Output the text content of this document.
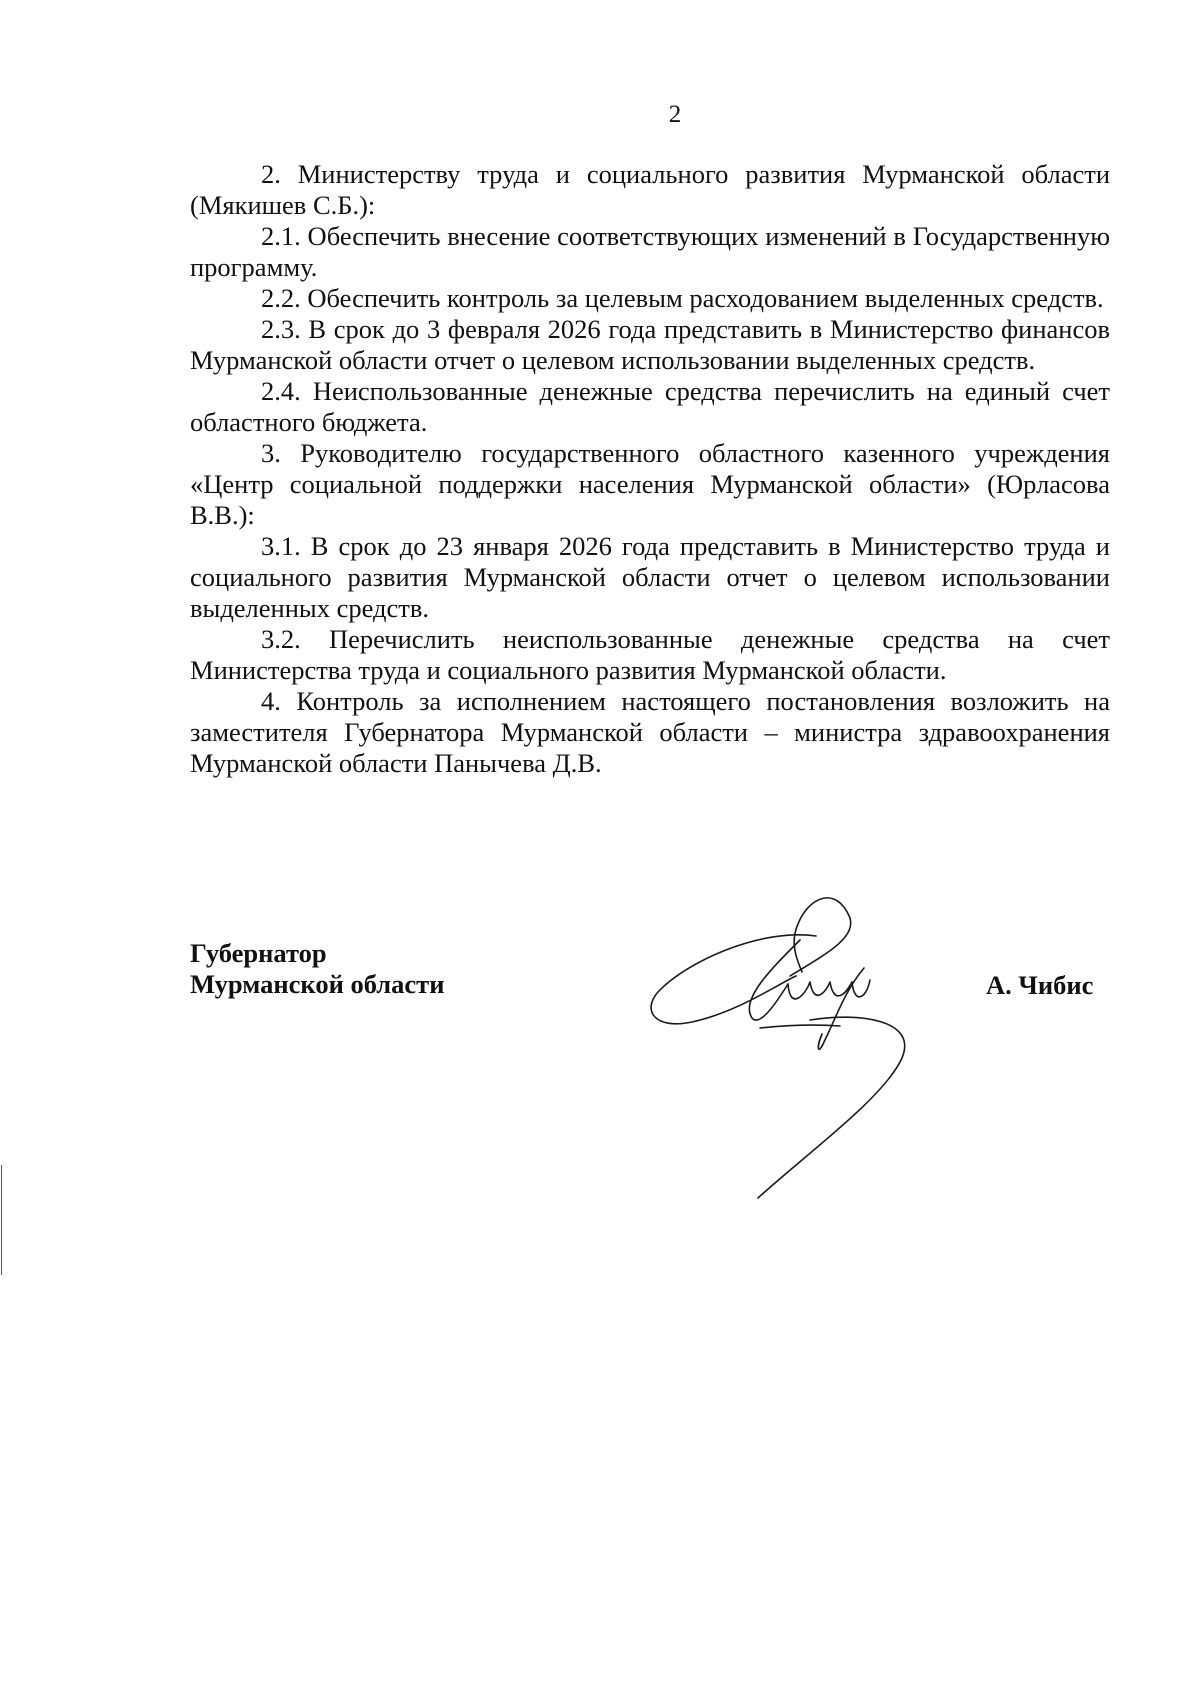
2

2. Министерству труда и социального развития Мурманской области (Мякишев С.Б.):

2.1. Обеспечить внесение соответствующих изменений в Государственную программу.

2.2. Обеспечить контроль за целевым расходованием выделенных средств.

2.3. В срок до 3 февраля 2026 года представить в Министерство финансов Мурманской области отчет о целевом использовании выделенных средств.

2.4. Неиспользованные денежные средства перечислить на единый счет областного бюджета.

3. Руководителю государственного областного казенного учреждения «Центр социальной поддержки населения Мурманской области» (Юрласова В.В.):

3.1. В срок до 23 января 2026 года представить в Министерство труда и социального развития Мурманской области отчет о целевом использовании выделенных средств.

3.2. Перечислить неиспользованные денежные средства на счет Министерства труда и социального развития Мурманской области.

4. Контроль за исполнением настоящего постановления возложить на заместителя Губернатора Мурманской области – министра здравоохранения Мурманской области Панычева Д.В.

Губернатор
Мурманской области	А. Чибис
